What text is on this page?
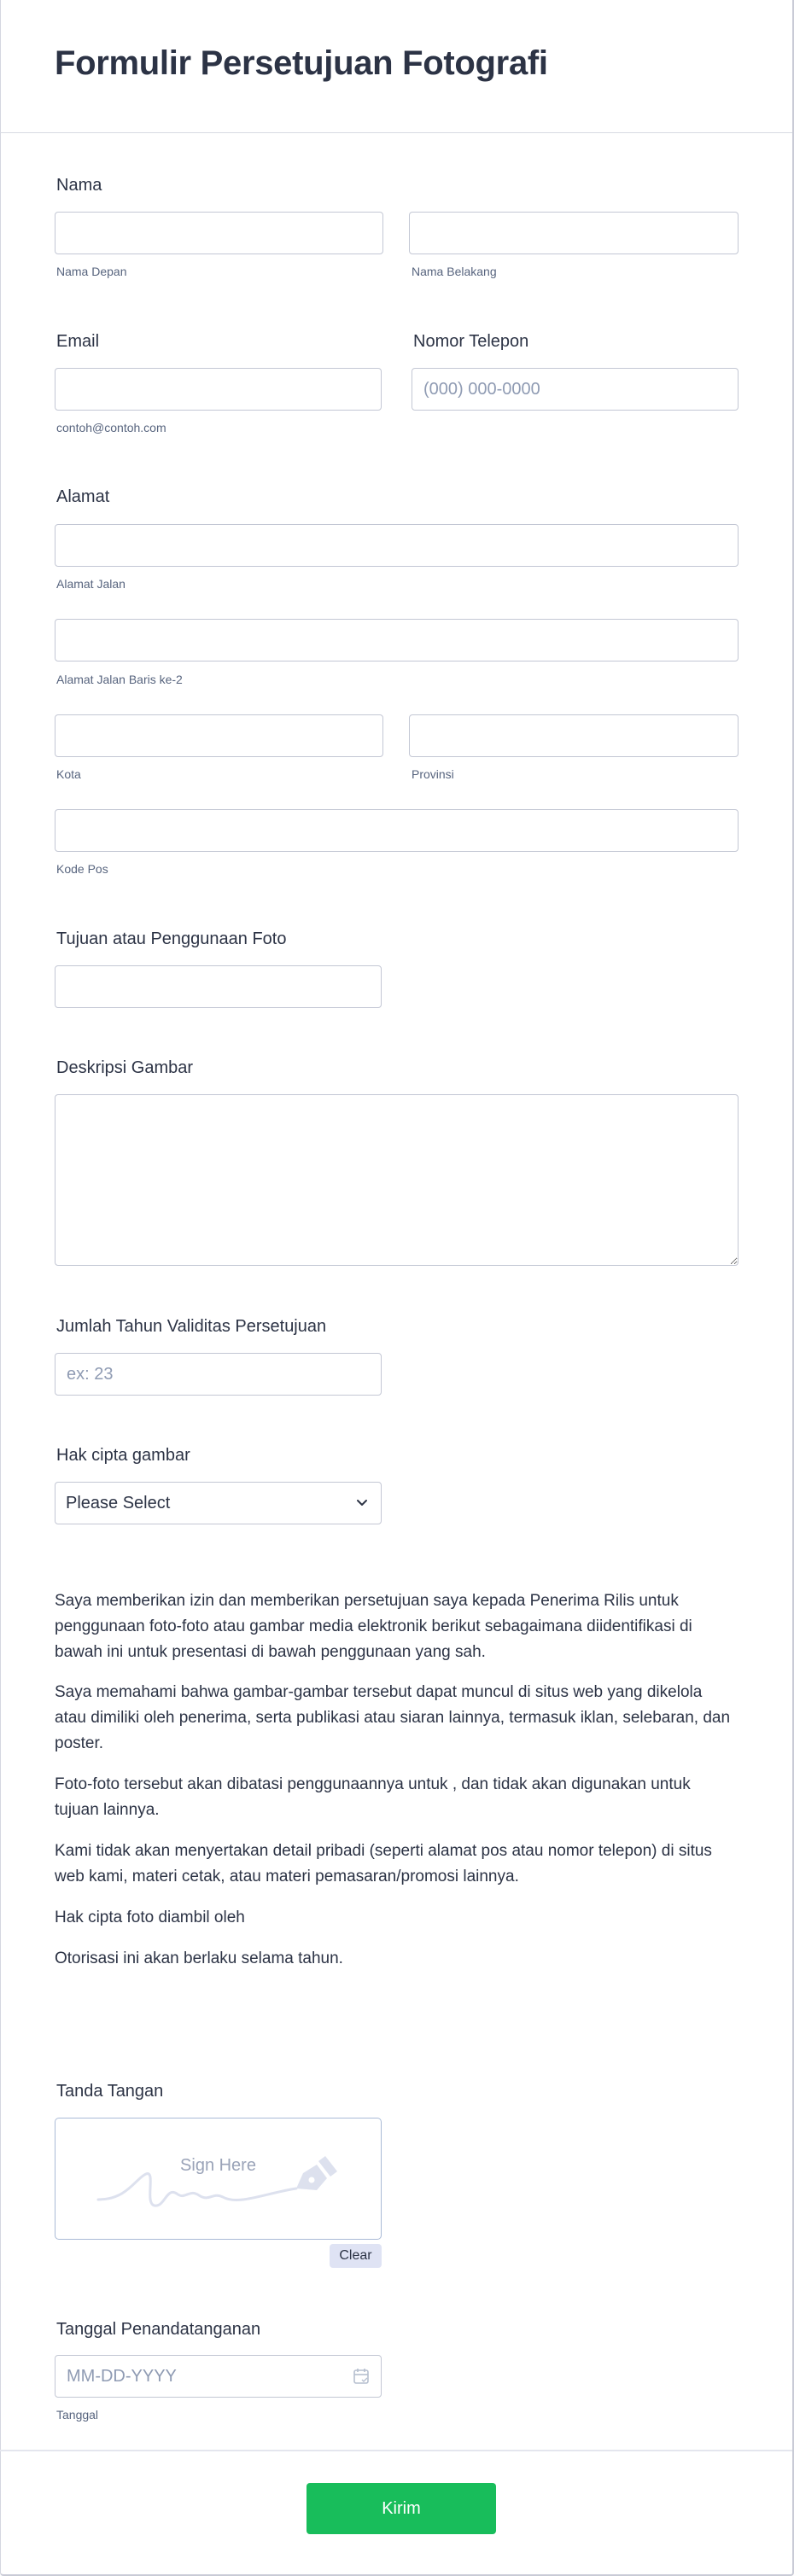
Formulir Persetujuan Fotografi
Nama
Nama Depan	Nama Belakang
Email	Nomor Telepon
(000) 000-0000
contoh@contoh.com
Alamat
Alamat Jalan
Alamat Jalan Baris ke-2
Kota	Provinsi
Kode Pos
Tujuan atau Penggunaan Foto
Deskripsi Gambar
Jumlah Tahun Validitas Persetujuan
ex: 23
Hak cipta gambar
Please Select

Saya memberikan izin dan memberikan persetujuan saya kepada Penerima Rilis untuk penggunaan foto-foto atau gambar media elektronik berikut sebagaimana diidentifikasi di bawah ini untuk presentasi di bawah penggunaan yang sah.

Saya memahami bahwa gambar-gambar tersebut dapat muncul di situs web yang dikelola atau dimiliki oleh penerima, serta publikasi atau siaran lainnya, termasuk iklan, selebaran, dan poster.

Foto-foto tersebut akan dibatasi penggunaannya untuk , dan tidak akan digunakan untuk tujuan lainnya.

Kami tidak akan menyertakan detail pribadi (seperti alamat pos atau nomor telepon) di situs web kami, materi cetak, atau materi pemasaran/promosi lainnya.

Hak cipta foto diambil oleh

Otorisasi ini akan berlaku selama tahun.

Tanda Tangan
Sign Here
Clear
Tanggal Penandatanganan
MM-DD-YYYY
Tanggal
Kirim
